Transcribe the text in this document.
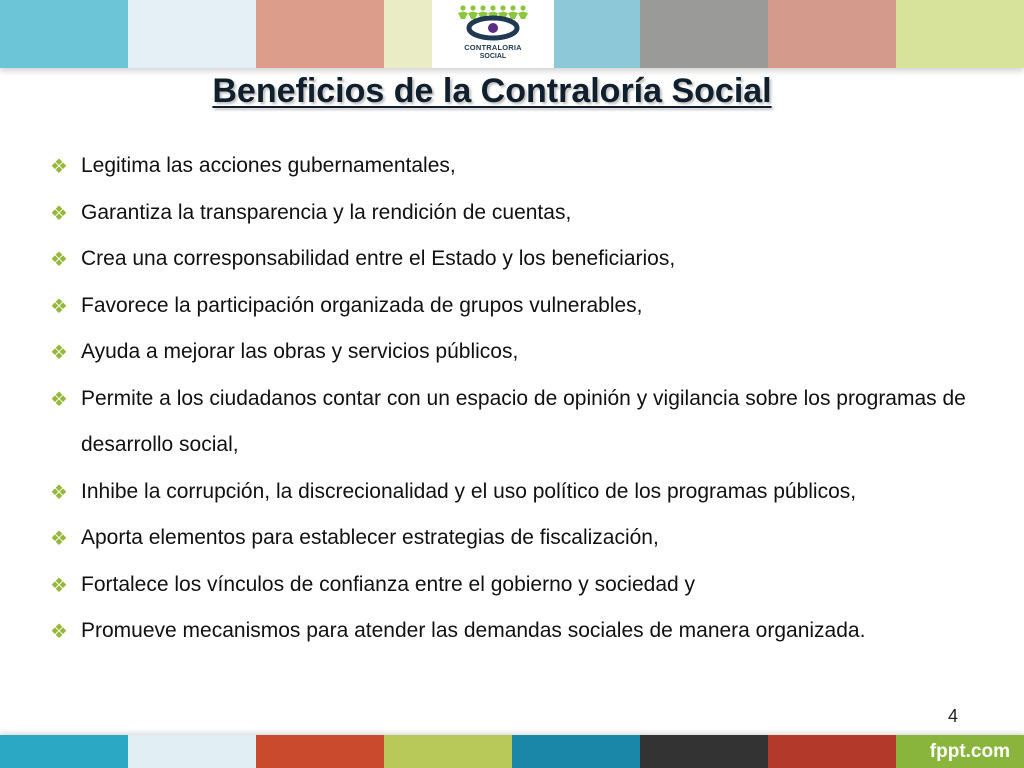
CONTRALORIA
SOCIAL
Beneficios de la Contraloría Social
❖ Legitima las acciones gubernamentales,
❖ Garantiza la transparencia y la rendición de cuentas,
❖ Crea una corresponsabilidad entre el Estado y los beneficiarios,
❖ Favorece la participación organizada de grupos vulnerables,
❖ Ayuda a mejorar las obras y servicios públicos,
❖ Permite a los ciudadanos contar con un espacio de opinión y vigilancia sobre los programas de desarrollo social,
❖ Inhibe la corrupción, la discrecionalidad y el uso político de los programas públicos,
❖ Aporta elementos para establecer estrategias de fiscalización,
❖ Fortalece los vínculos de confianza entre el gobierno y sociedad y
❖ Promueve mecanismos para atender las demandas sociales de manera organizada.
4
fppt.com
